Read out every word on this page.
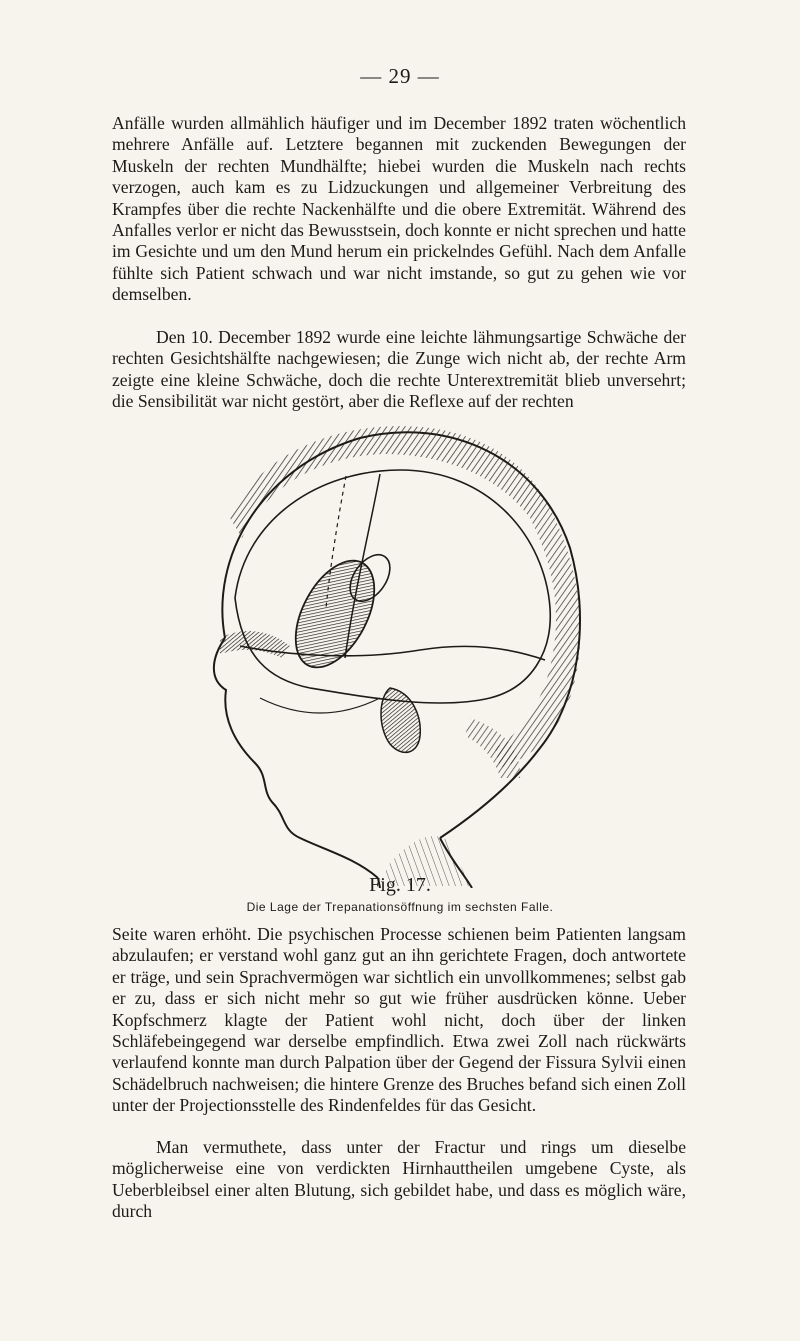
— 29 —

Anfälle wurden allmählich häufiger und im December 1892 traten wöchentlich mehrere Anfälle auf. Letztere begannen mit zuckenden Bewegungen der Muskeln der rechten Mundhälfte; hiebei wurden die Muskeln nach rechts verzogen, auch kam es zu Lidzuckungen und allgemeiner Verbreitung des Krampfes über die rechte Nackenhälfte und die obere Extremität. Während des Anfalles verlor er nicht das Bewusstsein, doch konnte er nicht sprechen und hatte im Gesichte und um den Mund herum ein prickelndes Gefühl. Nach dem Anfalle fühlte sich Patient schwach und war nicht imstande, so gut zu gehen wie vor demselben.

Den 10. December 1892 wurde eine leichte lähmungsartige Schwäche der rechten Gesichtshälfte nachgewiesen; die Zunge wich nicht ab, der rechte Arm zeigte eine kleine Schwäche, doch die rechte Unterextremität blieb unversehrt; die Sensibilität war nicht gestört, aber die Reflexe auf der rechten

Fig. 17.
Die Lage der Trepanationsöffnung im sechsten Falle.

Seite waren erhöht. Die psychischen Processe schienen beim Patienten langsam abzulaufen; er verstand wohl ganz gut an ihn gerichtete Fragen, doch antwortete er träge, und sein Sprachvermögen war sichtlich ein unvollkommenes; selbst gab er zu, dass er sich nicht mehr so gut wie früher ausdrücken könne. Ueber Kopfschmerz klagte der Patient wohl nicht, doch über der linken Schläfebeingegend war derselbe empfindlich. Etwa zwei Zoll nach rückwärts verlaufend konnte man durch Palpation über der Gegend der Fissura Sylvii einen Schädelbruch nachweisen; die hintere Grenze des Bruches befand sich einen Zoll unter der Projectionsstelle des Rindenfeldes für das Gesicht.

Man vermuthete, dass unter der Fractur und rings um dieselbe möglicherweise eine von verdickten Hirnhauttheilen umgebene Cyste, als Ueberbleibsel einer alten Blutung, sich gebildet habe, und dass es möglich wäre, durch
